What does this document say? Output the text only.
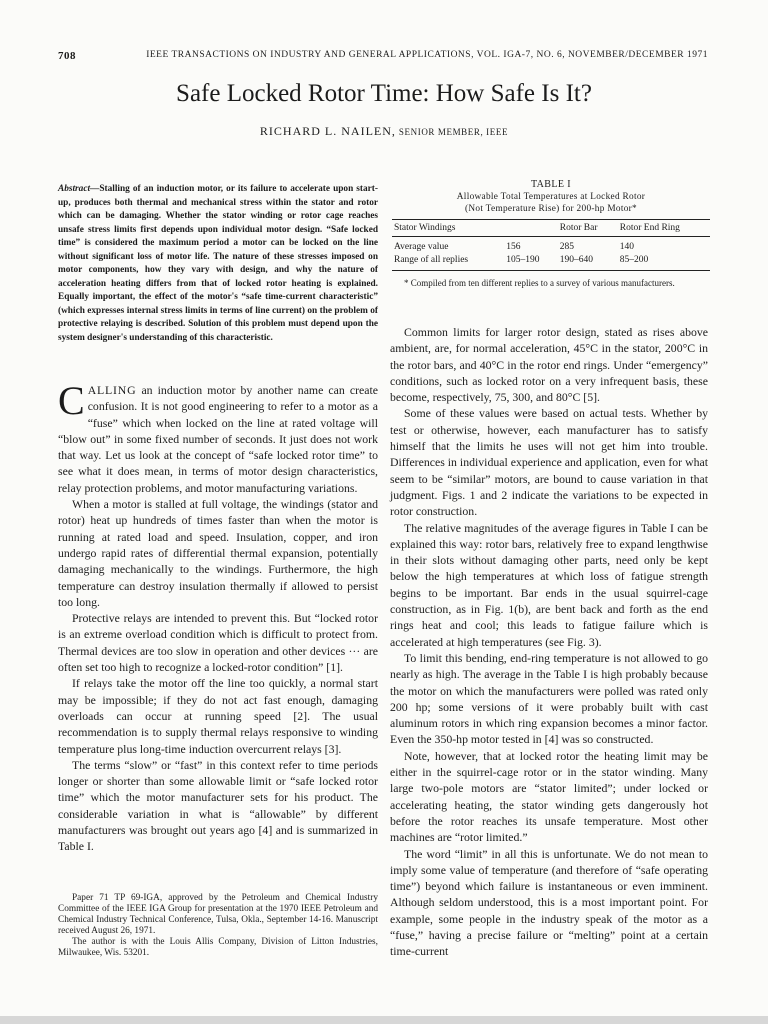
708	IEEE TRANSACTIONS ON INDUSTRY AND GENERAL APPLICATIONS, VOL. IGA-7, NO. 6, NOVEMBER/DECEMBER 1971
Safe Locked Rotor Time: How Safe Is It?
RICHARD L. NAILEN, SENIOR MEMBER, IEEE

Abstract—Stalling of an induction motor, or its failure to accelerate upon start-up, produces both thermal and mechanical stress within the stator and rotor which can be damaging. Whether the stator winding or rotor cage reaches unsafe stress limits first depends upon individual motor design. “Safe locked time” is considered the maximum period a motor can be locked on the line without significant loss of motor life. The nature of these stresses imposed on motor components, how they vary with design, and why the nature of acceleration heating differs from that of locked rotor heating is explained. Equally important, the effect of the motor's “safe time-current characteristic” (which expresses internal stress limits in terms of line current) on the problem of protective relaying is described. Solution of this problem must depend upon the system designer's understanding of this characteristic.

CALLING an induction motor by another name can create confusion. It is not good engineering to refer to a motor as a “fuse” which when locked on the line at rated voltage will “blow out” in some fixed number of seconds. It just does not work that way. Let us look at the concept of “safe locked rotor time” to see what it does mean, in terms of motor design characteristics, relay protection problems, and motor manufacturing variations.

When a motor is stalled at full voltage, the windings (stator and rotor) heat up hundreds of times faster than when the motor is running at rated load and speed. Insulation, copper, and iron undergo rapid rates of differential thermal expansion, potentially damaging mechanically to the windings. Furthermore, the high temperature can destroy insulation thermally if allowed to persist too long.

Protective relays are intended to prevent this. But “locked rotor is an extreme overload condition which is difficult to protect from. Thermal devices are too slow in operation and other devices ··· are often set too high to recognize a locked-rotor condition” [1].

If relays take the motor off the line too quickly, a normal start may be impossible; if they do not act fast enough, damaging overloads can occur at running speed [2]. The usual recommendation is to supply thermal relays responsive to winding temperature plus long-time induction overcurrent relays [3].

The terms “slow” or “fast” in this context refer to time periods longer or shorter than some allowable limit or “safe locked rotor time” which the motor manufacturer sets for his product. The considerable variation in what is “allowable” by different manufacturers was brought out years ago [4] and is summarized in Table I.

Paper 71 TP 69-IGA, approved by the Petroleum and Chemical Industry Committee of the IEEE IGA Group for presentation at the 1970 IEEE Petroleum and Chemical Industry Technical Conference, Tulsa, Okla., September 14-16. Manuscript received August 26, 1971.

The author is with the Louis Allis Company, Division of Litton Industries, Milwaukee, Wis. 53201.

TABLE I
Allowable Total Temperatures at Locked Rotor
(Not Temperature Rise) for 200-hp Motor*
Stator Windings		Rotor Bar	Rotor End Ring
Average value	156	285	140
Range of all replies	105–190	190–640	85–200
* Compiled from ten different replies to a survey of various manufacturers.

Common limits for larger rotor design, stated as rises above ambient, are, for normal acceleration, 45°C in the stator, 200°C in the rotor bars, and 40°C in the rotor end rings. Under “emergency” conditions, such as locked rotor on a very infrequent basis, these become, respectively, 75, 300, and 80°C [5].

Some of these values were based on actual tests. Whether by test or otherwise, however, each manufacturer has to satisfy himself that the limits he uses will not get him into trouble. Differences in individual experience and application, even for what seem to be “similar” motors, are bound to cause variation in that judgment. Figs. 1 and 2 indicate the variations to be expected in rotor construction.

The relative magnitudes of the average figures in Table I can be explained this way: rotor bars, relatively free to expand lengthwise in their slots without damaging other parts, need only be kept below the high temperatures at which loss of fatigue strength begins to be important. Bar ends in the usual squirrel-cage construction, as in Fig. 1(b), are bent back and forth as the end rings heat and cool; this leads to fatigue failure which is accelerated at high temperatures (see Fig. 3).

To limit this bending, end-ring temperature is not allowed to go nearly as high. The average in the Table I is high probably because the motor on which the manufacturers were polled was rated only 200 hp; some versions of it were probably built with cast aluminum rotors in which ring expansion becomes a minor factor. Even the 350-hp motor tested in [4] was so constructed.

Note, however, that at locked rotor the heating limit may be either in the squirrel-cage rotor or in the stator winding. Many large two-pole motors are “stator limited”; under locked or accelerating heating, the stator winding gets dangerously hot before the rotor reaches its unsafe temperature. Most other machines are “rotor limited.”

The word “limit” in all this is unfortunate. We do not mean to imply some value of temperature (and therefore of “safe operating time”) beyond which failure is instantaneous or even imminent. Although seldom understood, this is a most important point. For example, some people in the industry speak of the motor as a “fuse,” having a precise failure or “melting” point at a certain time-current
